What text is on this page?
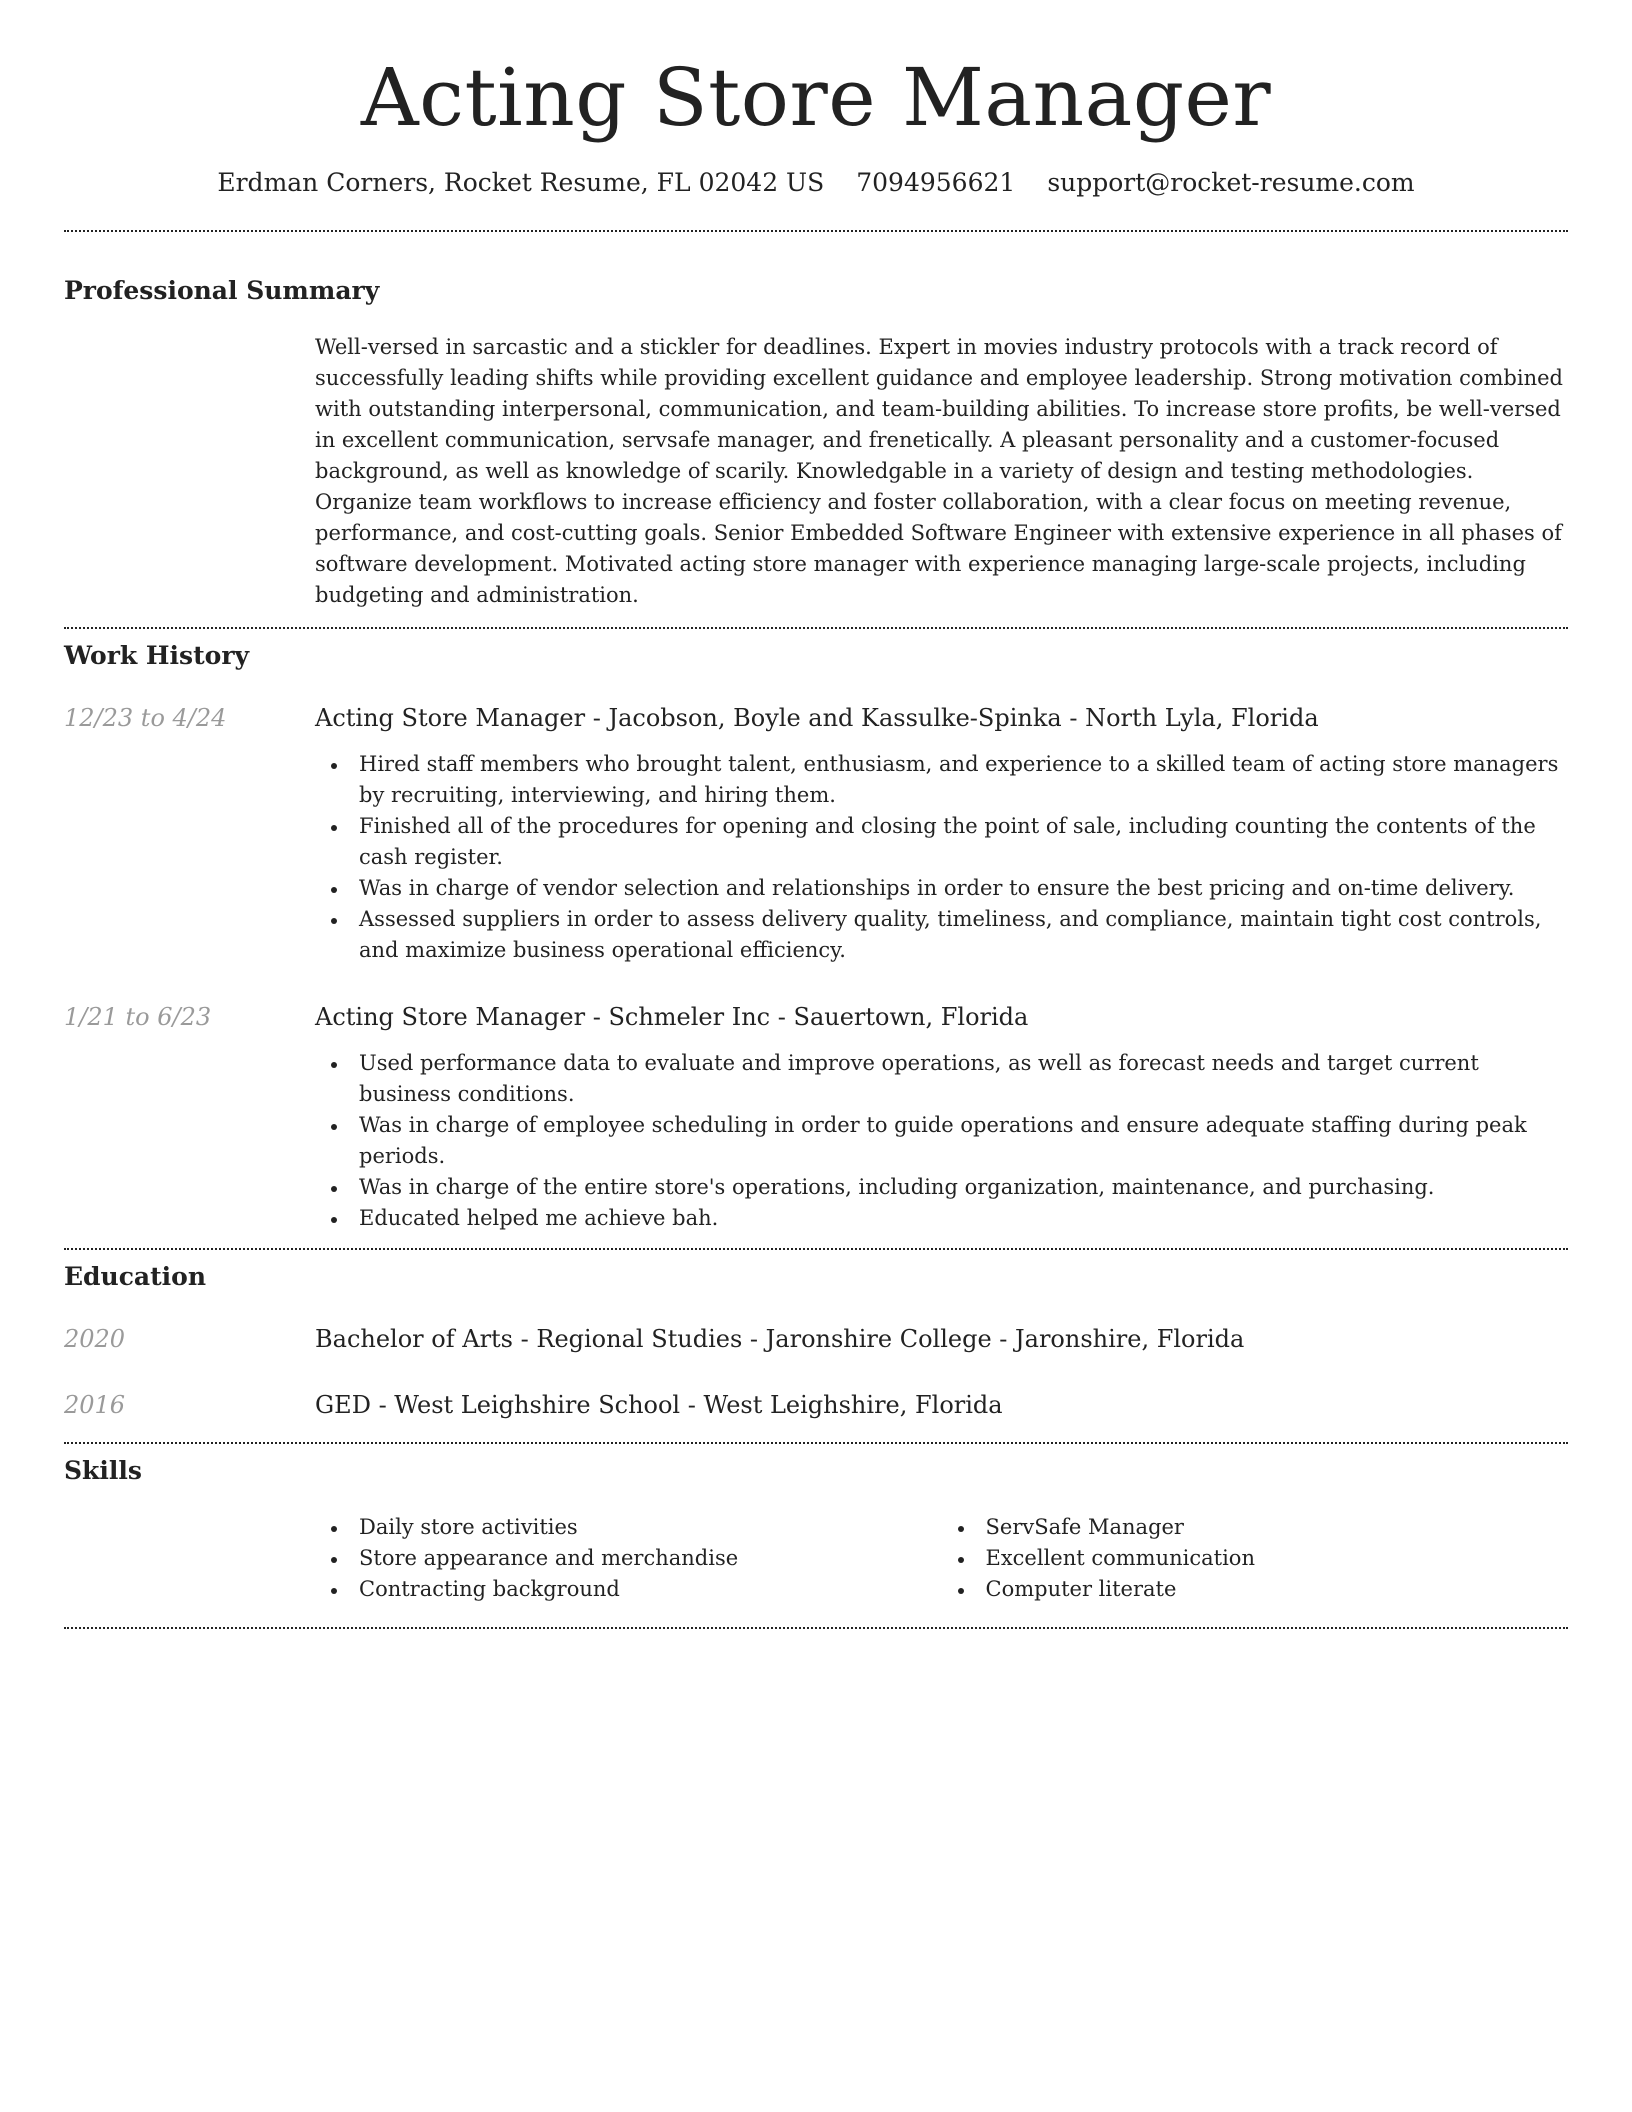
Acting Store Manager
Erdman Corners, Rocket Resume, FL 02042 US 7094956621 support@rocket-resume.com
Professional Summary

Well-versed in sarcastic and a stickler for deadlines. Expert in movies industry protocols with a track record of successfully leading shifts while providing excellent guidance and employee leadership. Strong motivation combined with outstanding interpersonal, communication, and team-building abilities. To increase store profits, be well-versed in excellent communication, servsafe manager, and frenetically. A pleasant personality and a customer-focused background, as well as knowledge of scarily. Knowledgable in a variety of design and testing methodologies. Organize team workflows to increase efficiency and foster collaboration, with a clear focus on meeting revenue, performance, and cost-cutting goals. Senior Embedded Software Engineer with extensive experience in all phases of software development. Motivated acting store manager with experience managing large-scale projects, including budgeting and administration.

Work History
12/23 to 4/24	Acting Store Manager - Jacobson, Boyle and Kassulke-Spinka - North Lyla, Florida
Hired staff members who brought talent, enthusiasm, and experience to a skilled team of acting store managers by recruiting, interviewing, and hiring them.
Finished all of the procedures for opening and closing the point of sale, including counting the contents of the cash register.
Was in charge of vendor selection and relationships in order to ensure the best pricing and on-time delivery.
Assessed suppliers in order to assess delivery quality, timeliness, and compliance, maintain tight cost controls, and maximize business operational efficiency.
1/21 to 6/23	Acting Store Manager - Schmeler Inc - Sauertown, Florida
Used performance data to evaluate and improve operations, as well as forecast needs and target current business conditions.
Was in charge of employee scheduling in order to guide operations and ensure adequate staffing during peak periods.
Was in charge of the entire store's operations, including organization, maintenance, and purchasing.
Educated helped me achieve bah.
Education
2020	Bachelor of Arts - Regional Studies - Jaronshire College - Jaronshire, Florida
2016	GED - West Leighshire School - West Leighshire, Florida
Skills
Daily store activities
Store appearance and merchandise
Contracting background
ServSafe Manager
Excellent communication
Computer literate
